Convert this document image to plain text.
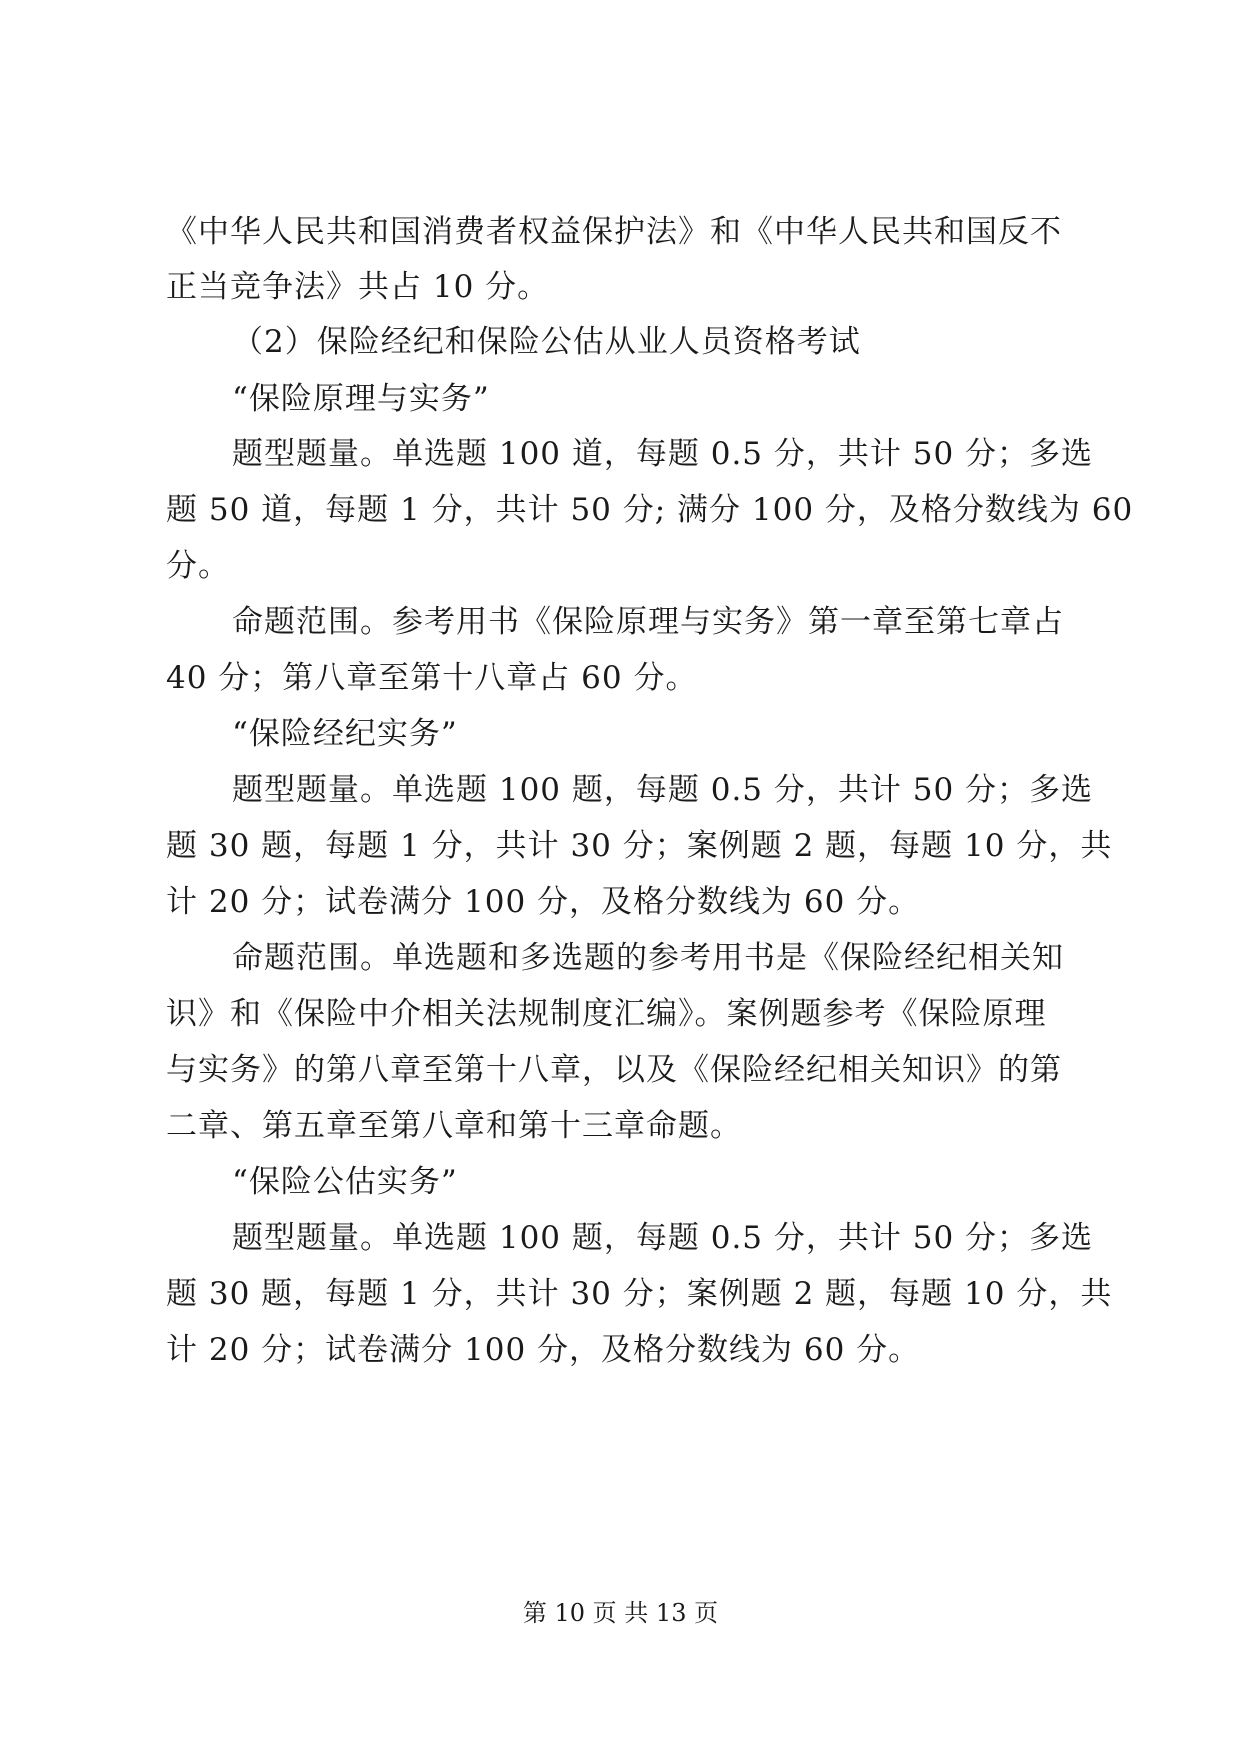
《中华人民共和国消费者权益保护法》和《中华人民共和国反不
正当竞争法》共占 10 分。
（2）保险经纪和保险公估从业人员资格考试
“保险原理与实务”
题型题量。单选题 100 道，每题 0.5 分，共计 50 分；多选
题 50 道，每题 1 分，共计 50 分; 满分 100 分，及格分数线为 60
分。
命题范围。参考用书《保险原理与实务》第一章至第七章占
40 分；第八章至第十八章占 60 分。
“保险经纪实务”
题型题量。单选题 100 题，每题 0.5 分，共计 50 分；多选
题 30 题，每题 1 分，共计 30 分；案例题 2 题，每题 10 分，共
计 20 分；试卷满分 100 分，及格分数线为 60 分。
命题范围。单选题和多选题的参考用书是《保险经纪相关知
识》和《保险中介相关法规制度汇编》。案例题参考《保险原理
与实务》的第八章至第十八章，以及《保险经纪相关知识》的第
二章、第五章至第八章和第十三章命题。
“保险公估实务”
题型题量。单选题 100 题，每题 0.5 分，共计 50 分；多选
题 30 题，每题 1 分，共计 30 分；案例题 2 题，每题 10 分，共
计 20 分；试卷满分 100 分，及格分数线为 60 分。
第 10 页 共 13 页
